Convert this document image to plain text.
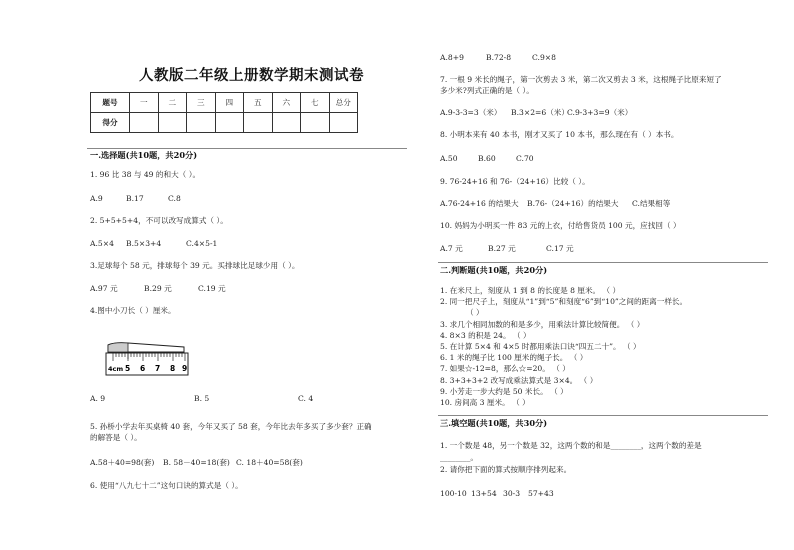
人教版二年级上册数学期末测试卷
题号	一	二	三	四	五	六	七	总分
得分								
一.选择题(共10题，共20分)
1. 96 比 38 与 49 的和大（ ）。
A.9	B.17	C.8
2. 5+5+5+4，不可以改写成算式（ ）。
A.5×4 B.5×3+4	C.4×5-1
3.足球每个 58 元，排球每个 39 元。买排球比足球少用（ ）。
A.97 元	B.29 元	C.19 元
4.图中小刀长（ ）厘米。
4cm 5 6 7 8 9
A. 9	B. 5	C. 4
5. 孙桥小学去年买桌椅 40 套，今年又买了 58 套，今年比去年多买了多少套？正确
的解答是（ ）。
A.58＋40=98(套) B. 58－40=18(套) C. 18＋40=58(套)
6. 使用“八九七十二”这句口诀的算式是（ ）。
A.8+9	B.72-8	C.9×8
7. 一根 9 米长的绳子，第一次剪去 3 米，第二次又剪去 3 米，这根绳子比原来短了
多少米?列式正确的是（ ）。
A.9-3-3=3（米） B.3×2=6（米）
C.9-3+3=9（米）
8. 小明本来有 40 本书，刚才又买了 10 本书，那么现在有（ ）本书。
A.50	B.60	C.70
9. 76-24+16 和 76-（24+16）比较（ ）。
A.76-24+16 的结果大 B.76-（24+16）的结果大 C.结果相等
10. 妈妈为小明买一件 83 元的上衣，付给售货员 100 元，应找回（ ）
A.7 元	B.27 元	C.17 元
二.判断题(共10题，共20分)
1. 在米尺上，刻度从 1 到 8 的长度是 8 厘米。 （ ）
2. 同一把尺子上，刻度从“1”到“5”和刻度“6”到“10”之间的距离一样长。
（ ）
3. 求几个相同加数的和是多少，用乘法计算比较简便。 （ ）
4. 8×3 的积是 24。 （ ）
5. 在计算 5×4 和 4×5 时都用乘法口诀“四五二十”。 （ ）
6. 1 米的绳子比 100 厘米的绳子长。 （ ）
7. 如果☆-12=8，那么☆=20。 （ ）
8. 3+3+3+2 改写成乘法算式是 3×4。 （ ）
9. 小芳走一步大约是 50 米长。 （ ）
10. 房间高 3 厘米。 （ ）
三.填空题(共10题，共30分)
1. 一个数是 48，另一个数是 32，这两个数的和是________，这两个数的差是
________。
2. 请你把下面的算式按顺序排列起来。
100-10 13+54 30-3 57+43
